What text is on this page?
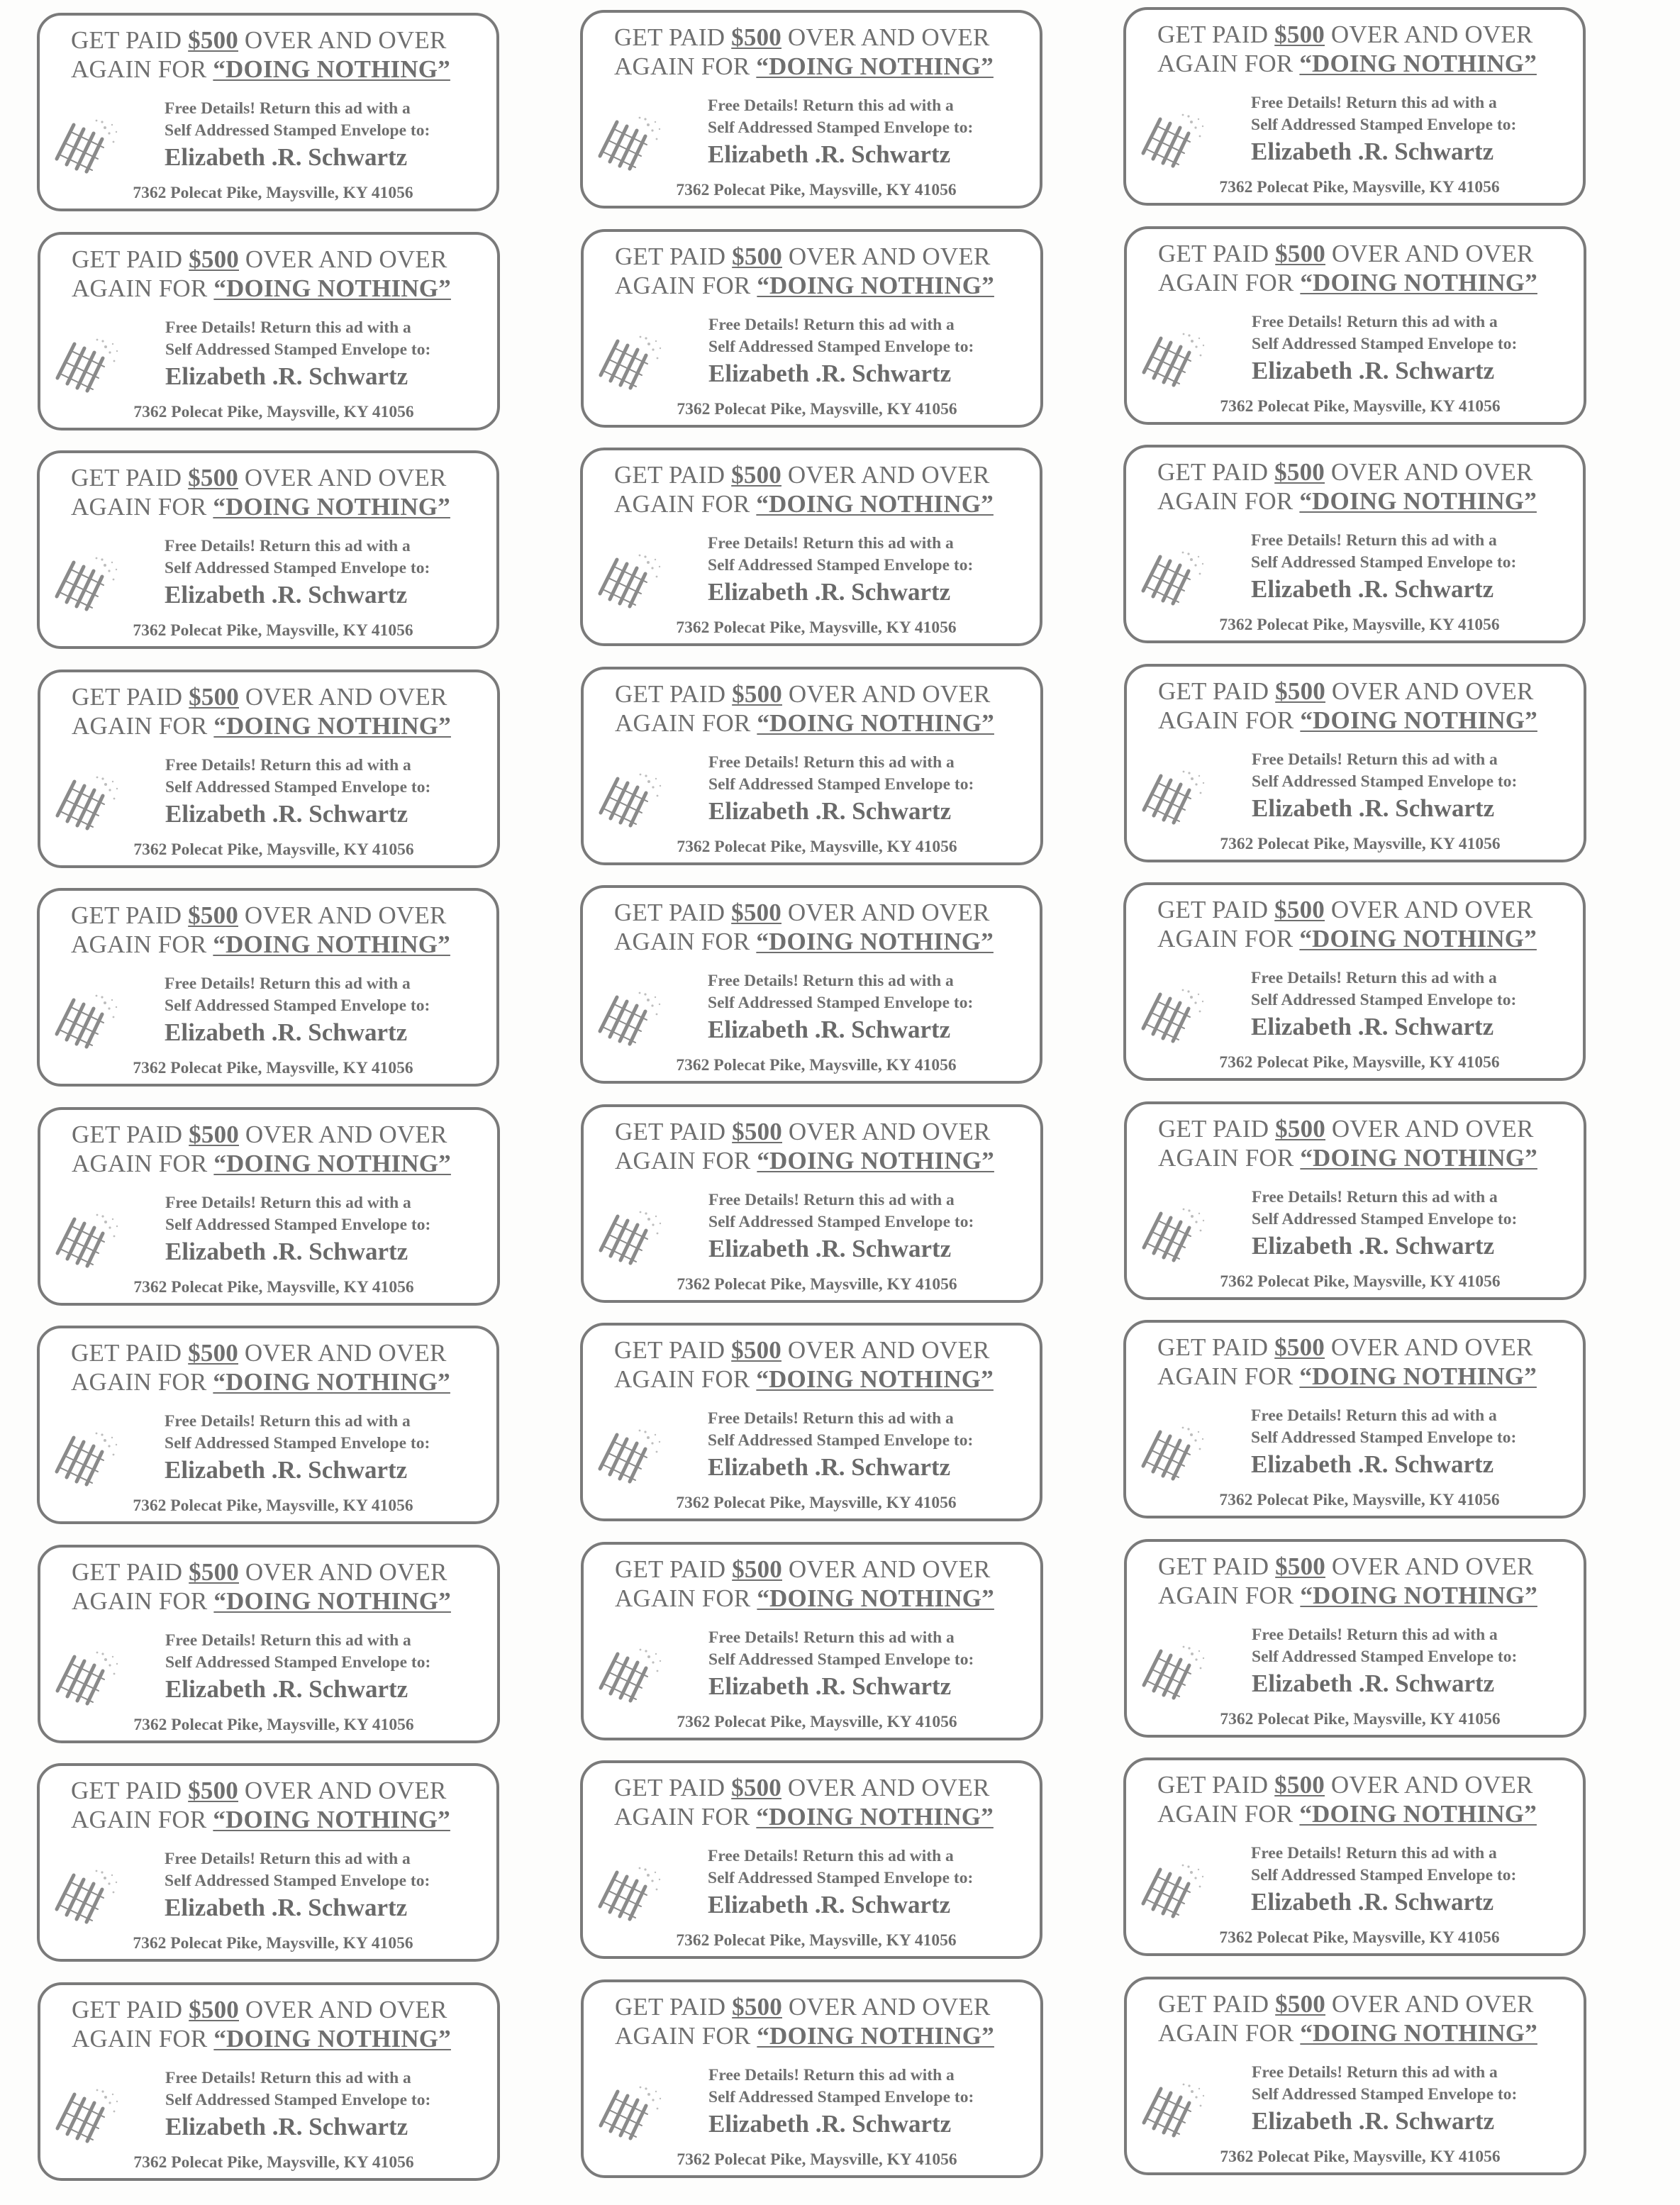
GET PAID $500 OVER AND OVER
AGAIN FOR “DOING NOTHING”
Free Details! Return this ad with a
Self Addressed Stamped Envelope to:
Elizabeth .R. Schwartz
7362 Polecat Pike, Maysville, KY 41056
GET PAID $500 OVER AND OVER
AGAIN FOR “DOING NOTHING”
Free Details! Return this ad with a
Self Addressed Stamped Envelope to:
Elizabeth .R. Schwartz
7362 Polecat Pike, Maysville, KY 41056
GET PAID $500 OVER AND OVER
AGAIN FOR “DOING NOTHING”
Free Details! Return this ad with a
Self Addressed Stamped Envelope to:
Elizabeth .R. Schwartz
7362 Polecat Pike, Maysville, KY 41056
GET PAID $500 OVER AND OVER
AGAIN FOR “DOING NOTHING”
Free Details! Return this ad with a
Self Addressed Stamped Envelope to:
Elizabeth .R. Schwartz
7362 Polecat Pike, Maysville, KY 41056
GET PAID $500 OVER AND OVER
AGAIN FOR “DOING NOTHING”
Free Details! Return this ad with a
Self Addressed Stamped Envelope to:
Elizabeth .R. Schwartz
7362 Polecat Pike, Maysville, KY 41056
GET PAID $500 OVER AND OVER
AGAIN FOR “DOING NOTHING”
Free Details! Return this ad with a
Self Addressed Stamped Envelope to:
Elizabeth .R. Schwartz
7362 Polecat Pike, Maysville, KY 41056
GET PAID $500 OVER AND OVER
AGAIN FOR “DOING NOTHING”
Free Details! Return this ad with a
Self Addressed Stamped Envelope to:
Elizabeth .R. Schwartz
7362 Polecat Pike, Maysville, KY 41056
GET PAID $500 OVER AND OVER
AGAIN FOR “DOING NOTHING”
Free Details! Return this ad with a
Self Addressed Stamped Envelope to:
Elizabeth .R. Schwartz
7362 Polecat Pike, Maysville, KY 41056
GET PAID $500 OVER AND OVER
AGAIN FOR “DOING NOTHING”
Free Details! Return this ad with a
Self Addressed Stamped Envelope to:
Elizabeth .R. Schwartz
7362 Polecat Pike, Maysville, KY 41056
GET PAID $500 OVER AND OVER
AGAIN FOR “DOING NOTHING”
Free Details! Return this ad with a
Self Addressed Stamped Envelope to:
Elizabeth .R. Schwartz
7362 Polecat Pike, Maysville, KY 41056
GET PAID $500 OVER AND OVER
AGAIN FOR “DOING NOTHING”
Free Details! Return this ad with a
Self Addressed Stamped Envelope to:
Elizabeth .R. Schwartz
7362 Polecat Pike, Maysville, KY 41056
GET PAID $500 OVER AND OVER
AGAIN FOR “DOING NOTHING”
Free Details! Return this ad with a
Self Addressed Stamped Envelope to:
Elizabeth .R. Schwartz
7362 Polecat Pike, Maysville, KY 41056
GET PAID $500 OVER AND OVER
AGAIN FOR “DOING NOTHING”
Free Details! Return this ad with a
Self Addressed Stamped Envelope to:
Elizabeth .R. Schwartz
7362 Polecat Pike, Maysville, KY 41056
GET PAID $500 OVER AND OVER
AGAIN FOR “DOING NOTHING”
Free Details! Return this ad with a
Self Addressed Stamped Envelope to:
Elizabeth .R. Schwartz
7362 Polecat Pike, Maysville, KY 41056
GET PAID $500 OVER AND OVER
AGAIN FOR “DOING NOTHING”
Free Details! Return this ad with a
Self Addressed Stamped Envelope to:
Elizabeth .R. Schwartz
7362 Polecat Pike, Maysville, KY 41056
GET PAID $500 OVER AND OVER
AGAIN FOR “DOING NOTHING”
Free Details! Return this ad with a
Self Addressed Stamped Envelope to:
Elizabeth .R. Schwartz
7362 Polecat Pike, Maysville, KY 41056
GET PAID $500 OVER AND OVER
AGAIN FOR “DOING NOTHING”
Free Details! Return this ad with a
Self Addressed Stamped Envelope to:
Elizabeth .R. Schwartz
7362 Polecat Pike, Maysville, KY 41056
GET PAID $500 OVER AND OVER
AGAIN FOR “DOING NOTHING”
Free Details! Return this ad with a
Self Addressed Stamped Envelope to:
Elizabeth .R. Schwartz
7362 Polecat Pike, Maysville, KY 41056
GET PAID $500 OVER AND OVER
AGAIN FOR “DOING NOTHING”
Free Details! Return this ad with a
Self Addressed Stamped Envelope to:
Elizabeth .R. Schwartz
7362 Polecat Pike, Maysville, KY 41056
GET PAID $500 OVER AND OVER
AGAIN FOR “DOING NOTHING”
Free Details! Return this ad with a
Self Addressed Stamped Envelope to:
Elizabeth .R. Schwartz
7362 Polecat Pike, Maysville, KY 41056
GET PAID $500 OVER AND OVER
AGAIN FOR “DOING NOTHING”
Free Details! Return this ad with a
Self Addressed Stamped Envelope to:
Elizabeth .R. Schwartz
7362 Polecat Pike, Maysville, KY 41056
GET PAID $500 OVER AND OVER
AGAIN FOR “DOING NOTHING”
Free Details! Return this ad with a
Self Addressed Stamped Envelope to:
Elizabeth .R. Schwartz
7362 Polecat Pike, Maysville, KY 41056
GET PAID $500 OVER AND OVER
AGAIN FOR “DOING NOTHING”
Free Details! Return this ad with a
Self Addressed Stamped Envelope to:
Elizabeth .R. Schwartz
7362 Polecat Pike, Maysville, KY 41056
GET PAID $500 OVER AND OVER
AGAIN FOR “DOING NOTHING”
Free Details! Return this ad with a
Self Addressed Stamped Envelope to:
Elizabeth .R. Schwartz
7362 Polecat Pike, Maysville, KY 41056
GET PAID $500 OVER AND OVER
AGAIN FOR “DOING NOTHING”
Free Details! Return this ad with a
Self Addressed Stamped Envelope to:
Elizabeth .R. Schwartz
7362 Polecat Pike, Maysville, KY 41056
GET PAID $500 OVER AND OVER
AGAIN FOR “DOING NOTHING”
Free Details! Return this ad with a
Self Addressed Stamped Envelope to:
Elizabeth .R. Schwartz
7362 Polecat Pike, Maysville, KY 41056
GET PAID $500 OVER AND OVER
AGAIN FOR “DOING NOTHING”
Free Details! Return this ad with a
Self Addressed Stamped Envelope to:
Elizabeth .R. Schwartz
7362 Polecat Pike, Maysville, KY 41056
GET PAID $500 OVER AND OVER
AGAIN FOR “DOING NOTHING”
Free Details! Return this ad with a
Self Addressed Stamped Envelope to:
Elizabeth .R. Schwartz
7362 Polecat Pike, Maysville, KY 41056
GET PAID $500 OVER AND OVER
AGAIN FOR “DOING NOTHING”
Free Details! Return this ad with a
Self Addressed Stamped Envelope to:
Elizabeth .R. Schwartz
7362 Polecat Pike, Maysville, KY 41056
GET PAID $500 OVER AND OVER
AGAIN FOR “DOING NOTHING”
Free Details! Return this ad with a
Self Addressed Stamped Envelope to:
Elizabeth .R. Schwartz
7362 Polecat Pike, Maysville, KY 41056
